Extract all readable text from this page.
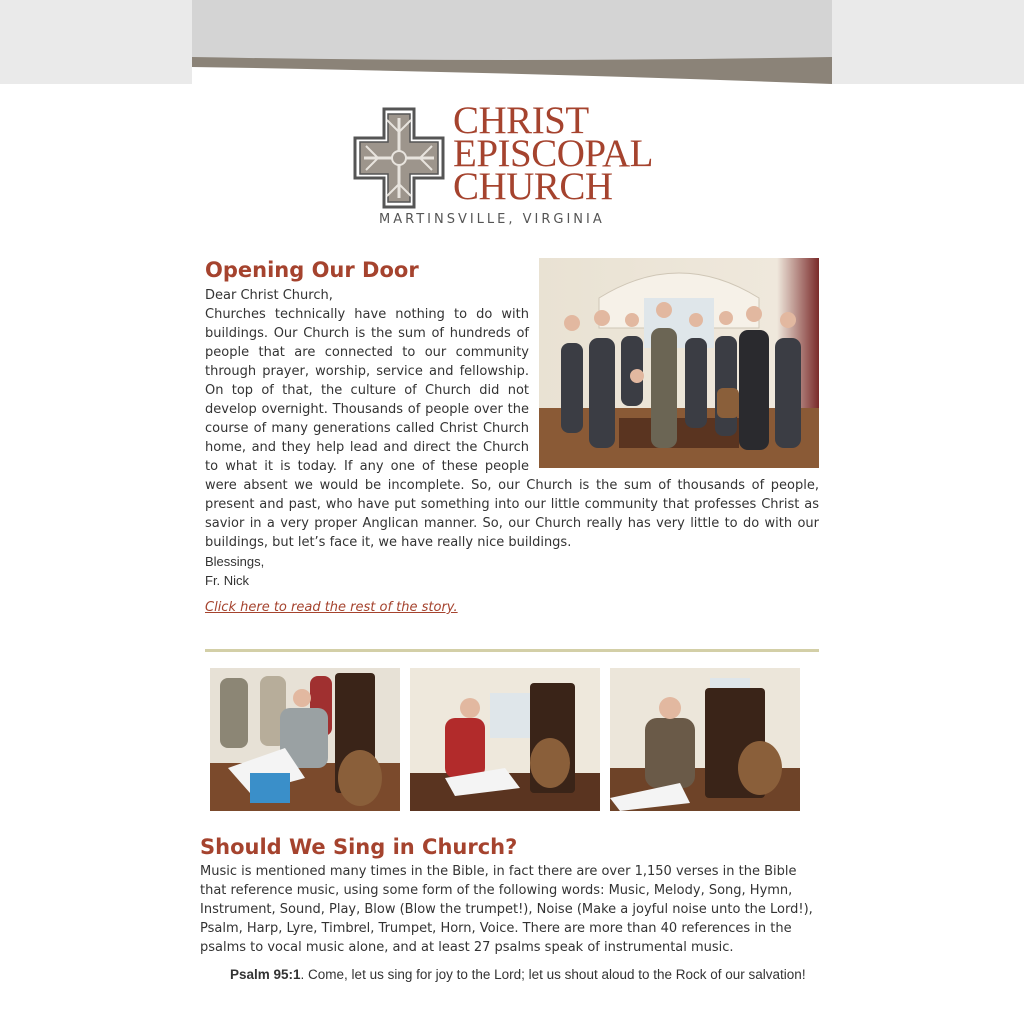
CHRIST
EPISCOPAL
CHURCH
MARTINSVILLE, VIRGINIA
Opening Our Door

Dear Christ Church,

Churches technically have nothing to do with buildings. Our Church is the sum of hundreds of people that are connected to our community through prayer, worship, service and fellowship. On top of that, the culture of Church did not develop overnight. Thousands of people over the course of many generations called Christ Church home, and they help lead and direct the Church to what it is today. If any one of these people were absent we would be incomplete. So, our Church is the sum of thousands of people, present and past, who have put something into our little community that professes Christ as savior in a very proper Anglican manner. So, our Church really has very little to do with our buildings, but let’s face it, we have really nice buildings.

Blessings,

Fr. Nick

Click here to read the rest of the story.
Should We Sing in Church?

Music is mentioned many times in the Bible, in fact there are over 1,150 verses in the Bible that reference music, using some form of the following words: Music, Melody, Song, Hymn, Instrument, Sound, Play, Blow (Blow the trumpet!), Noise (Make a joyful noise unto the Lord!), Psalm, Harp, Lyre, Timbrel, Trumpet, Horn, Voice. There are more than 40 references in the psalms to vocal music alone, and at least 27 psalms speak of instrumental music.

Psalm 95:1. Come, let us sing for joy to the Lord; let us shout aloud to the Rock of our salvation!
